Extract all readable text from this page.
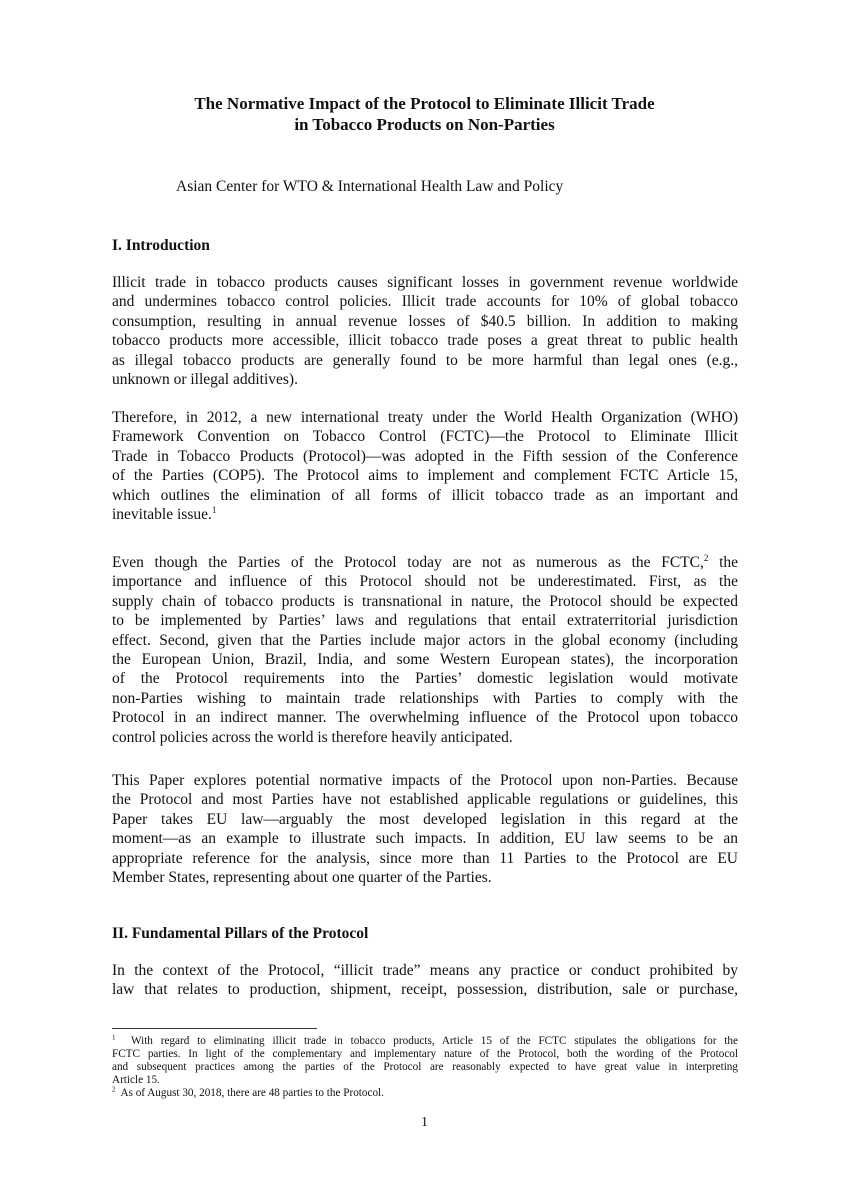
The Normative Impact of the Protocol to Eliminate Illicit Trade
in Tobacco Products on Non-Parties
Asian Center for WTO & International Health Law and Policy
I. Introduction
Illicit trade in tobacco products causes significant losses in government revenue worldwide
and undermines tobacco control policies. Illicit trade accounts for 10% of global tobacco
consumption, resulting in annual revenue losses of $40.5 billion. In addition to making
tobacco products more accessible, illicit tobacco trade poses a great threat to public health
as illegal tobacco products are generally found to be more harmful than legal ones (e.g.,
unknown or illegal additives).
Therefore, in 2012, a new international treaty under the World Health Organization (WHO)
Framework Convention on Tobacco Control (FCTC)—the Protocol to Eliminate Illicit
Trade in Tobacco Products (Protocol)—was adopted in the Fifth session of the Conference
of the Parties (COP5). The Protocol aims to implement and complement FCTC Article 15,
which outlines the elimination of all forms of illicit tobacco trade as an important and
inevitable issue.$^1$
Even though the Parties of the Protocol today are not as numerous as the FCTC,$^2$ the
importance and influence of this Protocol should not be underestimated. First, as the
supply chain of tobacco products is transnational in nature, the Protocol should be expected
to be implemented by Parties’ laws and regulations that entail extraterritorial jurisdiction
effect. Second, given that the Parties include major actors in the global economy (including
the European Union, Brazil, India, and some Western European states), the incorporation
of the Protocol requirements into the Parties’ domestic legislation would motivate
non-Parties wishing to maintain trade relationships with Parties to comply with the
Protocol in an indirect manner. The overwhelming influence of the Protocol upon tobacco
control policies across the world is therefore heavily anticipated.
This Paper explores potential normative impacts of the Protocol upon non-Parties. Because
the Protocol and most Parties have not established applicable regulations or guidelines, this
Paper takes EU law—arguably the most developed legislation in this regard at the
moment—as an example to illustrate such impacts. In addition, EU law seems to be an
appropriate reference for the analysis, since more than 11 Parties to the Protocol are EU
Member States, representing about one quarter of the Parties.
II. Fundamental Pillars of the Protocol
In the context of the Protocol, “illicit trade” means any practice or conduct prohibited by
law that relates to production, shipment, receipt, possession, distribution, sale or purchase,
$^1$ With regard to eliminating illicit trade in tobacco products, Article 15 of the FCTC stipulates the obligations for the
FCTC parties. In light of the complementary and implementary nature of the Protocol, both the wording of the Protocol
and subsequent practices among the parties of the Protocol are reasonably expected to have great value in interpreting
Article 15.
$^2$ As of August 30, 2018, there are 48 parties to the Protocol.
1
